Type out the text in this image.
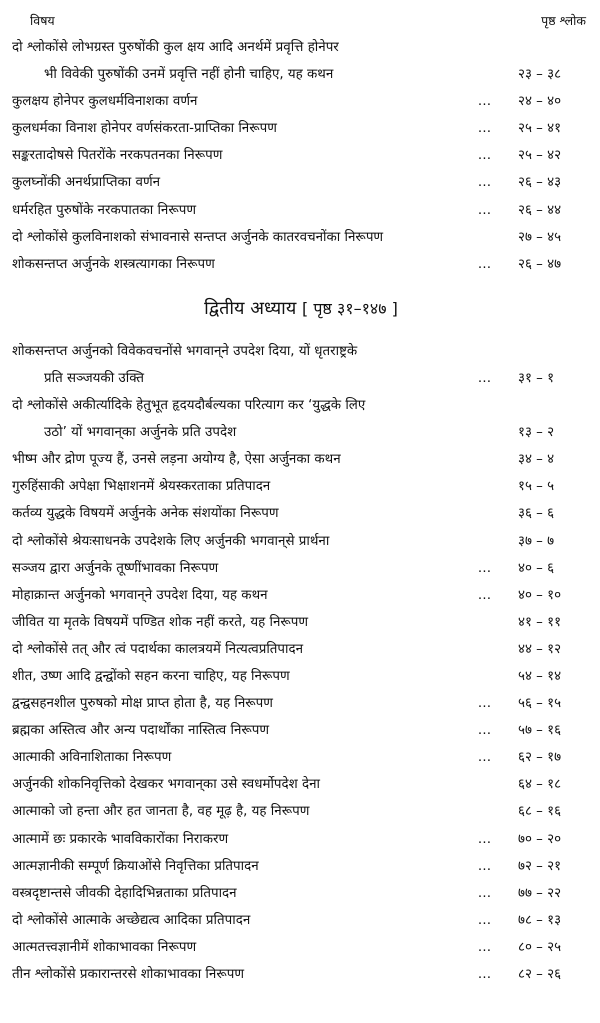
विषय	पृष्ठ श्लोक
दो श्लोकोंसे लोभग्रस्त पुरुषोंकी कुल क्षय आदि अनर्थमें प्रवृत्ति होनेपर
भी विवेकी पुरुषोंकी उनमें प्रवृत्ति नहीं होनी चाहिए, यह कथन	२३ – ३८
कुलक्षय होनेपर कुलधर्मविनाशका वर्णन	…	२४ – ४०
कुलधर्मका विनाश होनेपर वर्णसंकरता-प्राप्तिका निरूपण	…	२५ – ४१
सङ्करतादोषसे पितरोंके नरकपतनका निरूपण	…	२५ – ४२
कुलघ्नोंकी अनर्थप्राप्तिका वर्णन	…	२६ – ४३
धर्मरहित पुरुषोंके नरकपातका निरूपण	…	२६ – ४४
दो श्लोकोंसे कुलविनाशको संभावनासे सन्तप्त अर्जुनके कातरवचनोंका निरूपण	२७ – ४५
शोकसन्तप्त अर्जुनके शस्त्रत्यागका निरूपण	…	२६ – ४७
द्वितीय अध्याय [ पृष्ठ ३१–१४७ ]
शोकसन्तप्त अर्जुनको विवेकवचनोंसे भगवान्‌ने उपदेश दिया, यों धृतराष्ट्रके
प्रति सञ्जयकी उक्ति	…	३१ – १
दो श्लोकोंसे अकीर्त्यादिके हेतुभूत हृदयदौर्बल्यका परित्याग कर ‘युद्धके लिए
उठो’ यों भगवान्‌का अर्जुनके प्रति उपदेश	१३ – २
भीष्म और द्रोण पूज्य हैं, उनसे लड़ना अयोग्य है, ऐसा अर्जुनका कथन	३४ – ४
गुरुहिंसाकी अपेक्षा भिक्षाशनमें श्रेयस्करताका प्रतिपादन	१५ – ५
कर्तव्य युद्धके विषयमें अर्जुनके अनेक संशयोंका निरूपण	३६ – ६
दो श्लोकोंसे श्रेयःसाधनके उपदेशके लिए अर्जुनकी भगवान्‌से प्रार्थना	३७ – ७
सञ्जय द्वारा अर्जुनके तूष्णींभावका निरूपण	…	४० – ६
मोहाक्रान्त अर्जुनको भगवान्‌ने उपदेश दिया, यह कथन	…	४० – १०
जीवित या मृतके विषयमें पण्डित शोक नहीं करते, यह निरूपण	४१ – ११
दो श्लोकोंसे तत् और त्वं पदार्थका कालत्रयमें नित्यत्वप्रतिपादन	४४ – १२
शीत, उष्ण आदि द्वन्द्वोंको सहन करना चाहिए, यह निरूपण	५४ – १४
द्वन्द्वसहनशील पुरुषको मोक्ष प्राप्त होता है, यह निरूपण	…	५६ – १५
ब्रह्मका अस्तित्व और अन्य पदार्थोंका नास्तित्व निरूपण	…	५७ – १६
आत्माकी अविनाशिताका निरूपण	…	६२ – १७
अर्जुनकी शोकनिवृत्तिको देखकर भगवान्‌का उसे स्वधर्मोपदेश देना	६४ – १८
आत्माको जो हन्ता और हत जानता है, वह मूढ़ है, यह निरूपण	६८ – १६
आत्मामें छः प्रकारके भावविकारोंका निराकरण	…	७० – २०
आत्मज्ञानीकी सम्पूर्ण क्रियाओंसे निवृत्तिका प्रतिपादन	…	७२ – २१
वस्त्रदृष्टान्तसे जीवकी देहादिभिन्नताका प्रतिपादन	…	७७ – २२
दो श्लोकोंसे आत्माके अच्छेद्यत्व आदिका प्रतिपादन	…	७८ – १३
आत्मतत्त्वज्ञानीमें शोकाभावका निरूपण	…	८० – २५
तीन श्लोकोंसे प्रकारान्तरसे शोकाभावका निरूपण	…	८२ – २६
